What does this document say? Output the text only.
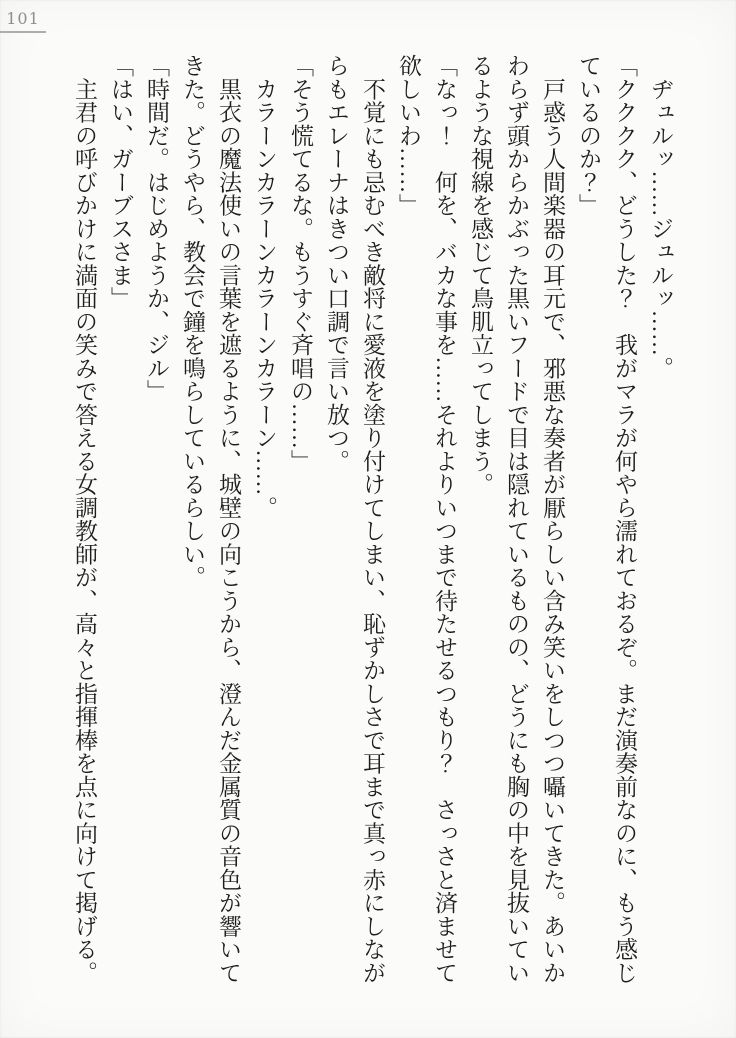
101

　ヂュルッ……ジュルッ……。

「クククク、どうした？　我がマラが何やら濡れておるぞ。まだ演奏前なのに、もう感じているのか？」

　戸惑う人間楽器の耳元で、邪悪な奏者が厭らしい含み笑いをしつつ囁いてきた。あいかわらず頭からかぶった黒いフードで目は隠れているものの、どうにも胸の中を見抜いているような視線を感じて鳥肌立ってしまう。

「なっ！　何を、バカな事を……それよりいつまで待たせるつもり？　さっさと済ませて欲しいわ……」

　不覚にも忌むべき敵将に愛液を塗り付けてしまい、恥ずかしさで耳まで真っ赤にしながらもエレーナはきつい口調で言い放つ。

「そう慌てるな。もうすぐ斉唱の……」

　カラーンカラーンカラーンカラーン……。

　黒衣の魔法使いの言葉を遮るように、城壁の向こうから、澄んだ金属質の音色が響いてきた。どうやら、教会で鐘を鳴らしているらしい。

「時間だ。はじめようか、ジル」

「はい、ガーブスさま」

　主君の呼びかけに満面の笑みで答える女調教師が、高々と指揮棒を点に向けて掲げる。
